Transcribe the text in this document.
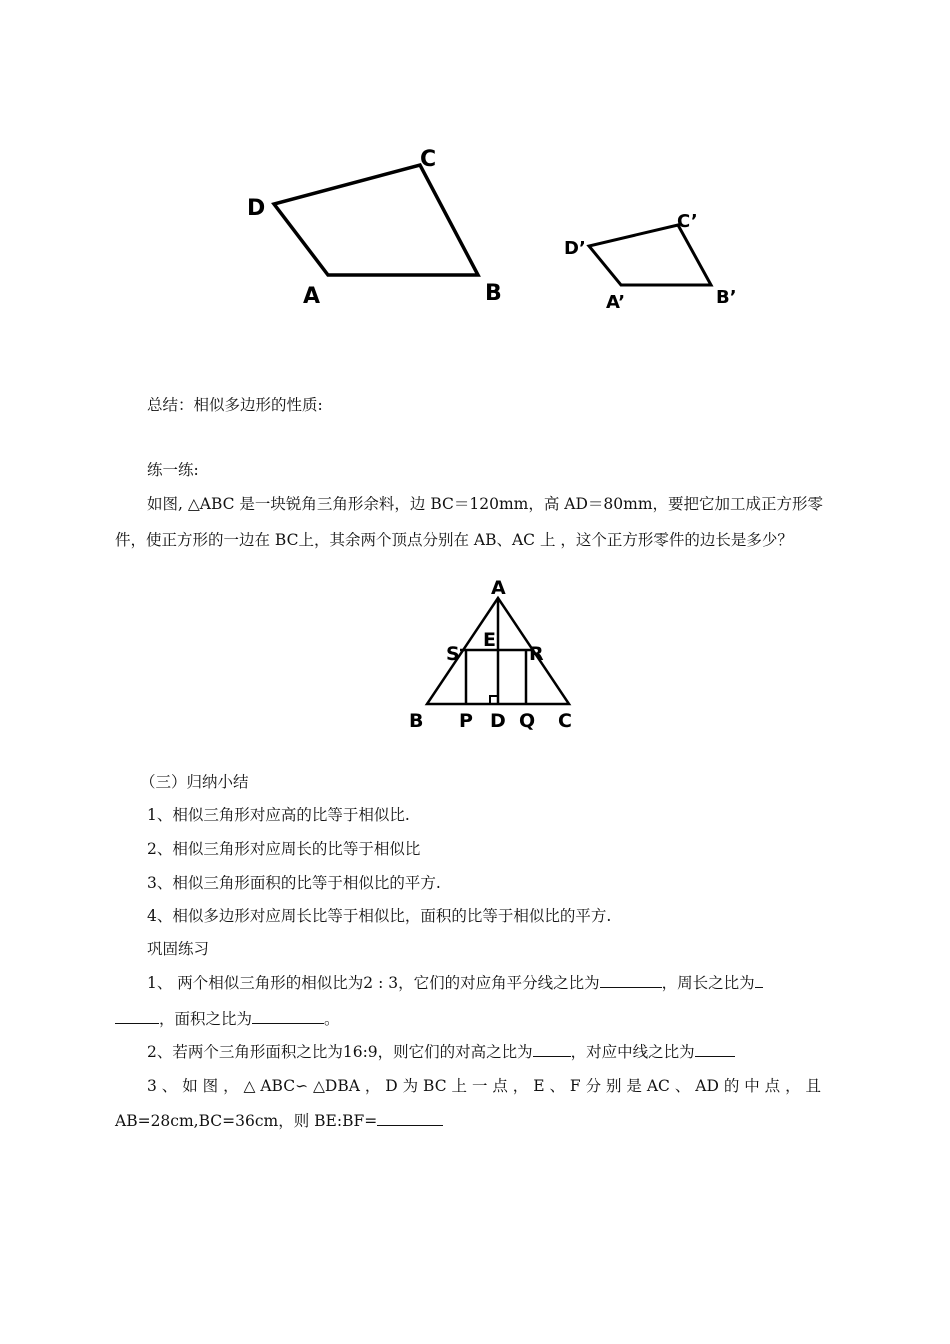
C
D
A	B
C’
D’
A’	B’
总结：相似多边形的性质:
练一练:
如图, △ABC 是一块锐角三角形余料，边 BC＝120mm，高 AD＝80mm，要把它加工成正方形零
件，使正方形的一边在 BC上，其余两个顶点分别在 AB、AC 上 ，这个正方形零件的边长是多少？
A
E
S	R
B P D Q C
（三）归纳小结
1、相似三角形对应高的比等于相似比.
2、相似三角形对应周长的比等于相似比
3、相似三角形面积的比等于相似比的平方.
4、相似多边形对应周长比等于相似比，面积的比等于相似比的平方.
巩固练习
1、 两个相似三角形的相似比为2 : 3，它们的对应角平分线之比为	，周长之比为
，面积之比为	。
2、若两个三角形面积之比为16:9，则它们的对高之比为 ，对应中线之比为
3 、 如 图 ， △ ABC∽ △DBA ， D 为 BC 上 一 点 ， E 、 F 分 别 是 AC 、 AD 的 中 点 ， 且
AB=28cm,BC=36cm，则 BE:BF=
